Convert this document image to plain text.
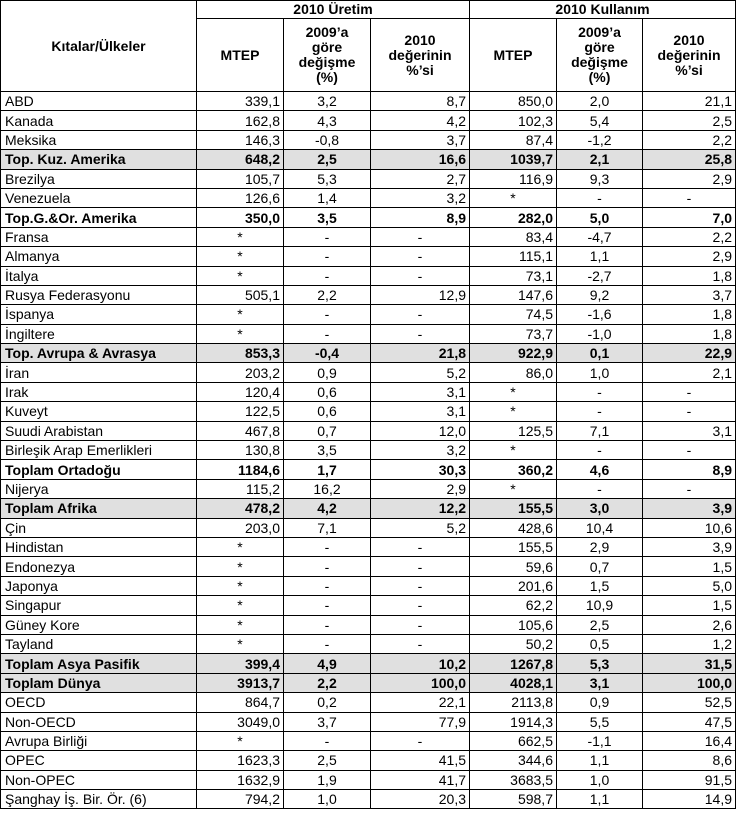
Kıtalar/Ülkeler	2010 Üretim			2010 Kullanım		
	MTEP	2009’a
göre
değişme
(%)	2010
değerinin
%’si	MTEP	2009’a
göre
değişme
(%)	2010
değerinin
%’si
ABD	339,1	3,2	8,7	850,0	2,0	21,1
Kanada	162,8	4,3	4,2	102,3	5,4	2,5
Meksika	146,3	-0,8	3,7	87,4	-1,2	2,2
Top. Kuz. Amerika	648,2	2,5	16,6	1039,7	2,1	25,8
Brezilya	105,7	5,3	2,7	116,9	9,3	2,9
Venezuela	126,6	1,4	3,2	*	-	-
Top.G.&Or. Amerika	350,0	3,5	8,9	282,0	5,0	7,0
Fransa	*	-	-	83,4	-4,7	2,2
Almanya	*	-	-	115,1	1,1	2,9
İtalya	*	-	-	73,1	-2,7	1,8
Rusya Federasyonu	505,1	2,2	12,9	147,6	9,2	3,7
İspanya	*	-	-	74,5	-1,6	1,8
İngiltere	*	-	-	73,7	-1,0	1,8
Top. Avrupa & Avrasya	853,3	-0,4	21,8	922,9	0,1	22,9
İran	203,2	0,9	5,2	86,0	1,0	2,1
Irak	120,4	0,6	3,1	*	-	-
Kuveyt	122,5	0,6	3,1	*	-	-
Suudi Arabistan	467,8	0,7	12,0	125,5	7,1	3,1
Birleşik Arap Emerlikleri	130,8	3,5	3,2	*	-	-
Toplam Ortadoğu	1184,6	1,7	30,3	360,2	4,6	8,9
Nijerya	115,2	16,2	2,9	*	-	-
Toplam Afrika	478,2	4,2	12,2	155,5	3,0	3,9
Çin	203,0	7,1	5,2	428,6	10,4	10,6
Hindistan	*	-	-	155,5	2,9	3,9
Endonezya	*	-	-	59,6	0,7	1,5
Japonya	*	-	-	201,6	1,5	5,0
Singapur	*	-	-	62,2	10,9	1,5
Güney Kore	*	-	-	105,6	2,5	2,6
Tayland	*	-	-	50,2	0,5	1,2
Toplam Asya Pasifik	399,4	4,9	10,2	1267,8	5,3	31,5
Toplam Dünya	3913,7	2,2	100,0	4028,1	3,1	100,0
OECD	864,7	0,2	22,1	2113,8	0,9	52,5
Non-OECD	3049,0	3,7	77,9	1914,3	5,5	47,5
Avrupa Birliği	*	-	-	662,5	-1,1	16,4
OPEC	1623,3	2,5	41,5	344,6	1,1	8,6
Non-OPEC	1632,9	1,9	41,7	3683,5	1,0	91,5
Şanghay İş. Bir. Ör. (6)	794,2	1,0	20,3	598,7	1,1	14,9
